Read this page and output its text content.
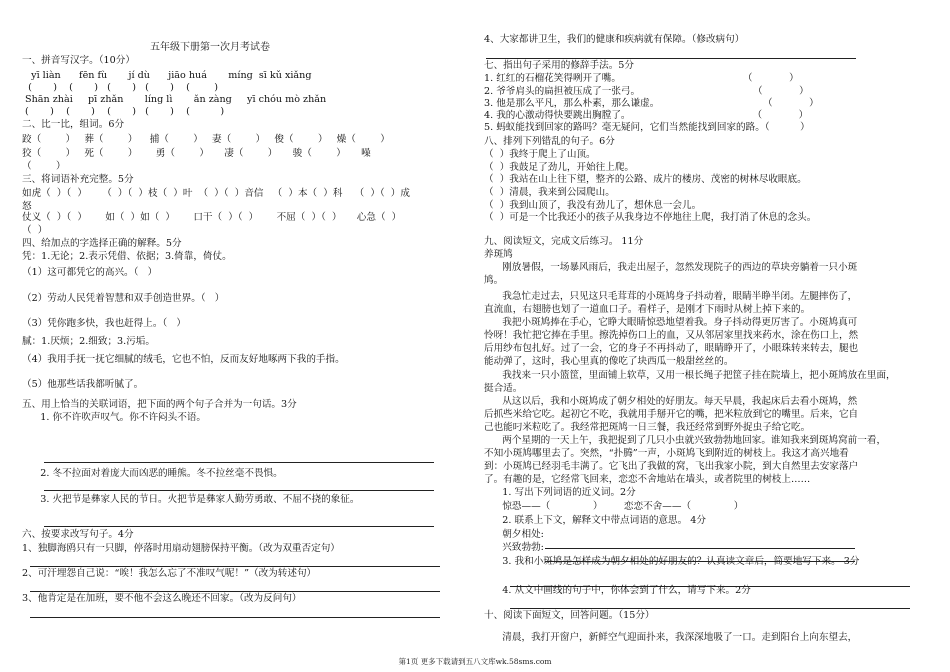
五年级下册第一次月考试卷
一、拼音写汉字。（10分）
yī liàn      fēn fù       jí dù      jiāo huá       míng  sī kǔ xiǎng
(       )    (       )   (       )   (       )    (        )
Shān zhài     pī zhǎn       líng lì       ǎn zàng     yī chóu mò zhǎn
(       )    (       )    (       )   (       )    (          )
二、比一比，组词。6分
跤（        ）   葬（        ）    捕（        ）   妻（        ）   俊（        ）   燥（        ）
狡（        ）   死（        ）      勇（        ）     凄（        ）     骏（        ）     噪
（        ）
三、将词语补充完整。5分
如虎（  ）（  ）     （  ）（  ）枝（  ）叶  （  ）（  ）音信   （  ）本（  ）科    （  ）（  ）成
怒
仗义（  ）（  ）      如（  ）如（  ）      口干（  ）（  ）      不屈（  ）（  ）     心急（  ）
（  ）
四、给加点的字选择正确的解释。5分
凭：1.无论；2.表示凭借、依据；3.倚靠，倚仗。
（1）这可都凭它的高兴。（   ）
（2）劳动人民凭着智慧和双手创造世界。（   ）
（3）凭你跑多快，我也赶得上。（   ）
腻：1.厌烦；2.细致；3.污垢。
（4）我用手抚一抚它细腻的绒毛，它也不怕，反而友好地啄两下我的手指。
（5）他那些话我都听腻了。
五、用上恰当的关联词语，把下面的两个句子合并为一句话。3分
1. 你不许吹声叹气。你不许闷头不语。
2. 冬不拉面对着庞大而凶恶的睡熊。冬不拉丝毫不畏惧。
3. 火把节是彝家人民的节日。火把节是彝家人勤劳勇敢、不屈不挠的象征。
六、按要求改写句子。4分
1、独脚海鸥只有一只脚，停落时用扇动翅膀保持平衡。（改为双重否定句）
2、可汗埋怨自己说：“唉！我怎么忘了不准叹气呢！”（改为转述句）
3、他肯定是在加班，要不他不会这么晚还不回家。（改为反问句）
4、大家都讲卫生，我们的健康和疾病就有保障。（修改病句）
七、指出句子采用的修辞手法。5分
1. 红红的石榴花笑得咧开了嘴。                                        （            ）
2. 爷爷肩头的扁担被压成了一张弓。                                     （            ）
3. 他是那么平凡，那么朴素，那么谦虚。                                  （            ）
4. 我的心激动得快要跳出胸膛了。                                        （            ）
5. 蚂蚁能找到回家的路吗？毫无疑问，它们当然能找到回家的路。（          ）
八、排列下列错乱的句子。6分
（  ）我终于爬上了山顶。
（  ）我鼓足了劲儿，开始往上爬。
（  ）我站在山上往下望，整齐的公路、成片的楼房、茂密的树林尽收眼底。
（  ）清晨，我来到公园爬山。
（  ）我到山顶了，我没有劲儿了，想休息一会儿。
（  ）可是一个比我还小的孩子从我身边不停地往上爬，我打消了休息的念头。
九、阅读短文，完成文后练习。 11分
养斑鸠
刚放暑假，一场暴风雨后，我走出屋子，忽然发现院子的西边的草块旁躺着一只小斑
鸠。
我急忙走过去，只见这只毛茸茸的小斑鸠身子抖动着，眼睛半睁半闭。左腿摔伤了，
直流血，右翅膀也划了一道血口子。看样子，是刚才下雨时从树上掉下来的。
我把小斑鸠捧在手心，它睁大眼睛惊恐地望着我。身子抖动得更厉害了。小斑鸠真可
怜呀！我忙把它捧在手里。擦洗掉伤口上的血，又从邻居家里找来药水，涂在伤口上，然
后用纱布包扎好。过了一会，它的身子不再抖动了，眼睛睁开了，小眼珠转来转去，腿也
能动弹了，这时，我心里真的像吃了块西瓜一般甜丝丝的。
我找来一只小篮筐，里面铺上软草，又用一根长绳子把筐子挂在院墙上，把小斑鸠放在里面，
挺合适。
从这以后，我和小斑鸠成了朝夕相处的好朋友。每天早晨，我起床后去看小斑鸠，然
后抓些米给它吃。起初它不吃，我就用手掰开它的嘴，把米粒放到它的嘴里。后来，它自
己也能叼米粒吃了。我经常把斑鸠一日三餐，我还经常到野外捉虫子给它吃。
两个星期的一天上午，我把捉到了几只小虫就兴致勃勃地回家。谁知我来到斑鸠窝前一看，
不知小斑鸠哪里去了。突然，“扑腾”一声，小斑鸠飞到附近的树枝上。我这才高兴地看
到：小斑鸠已经羽毛丰满了。它飞出了我做的窝，飞出我家小院，到大自然里去安家落户
了。有趣的是，它经常飞回来，恋恋不舍地站在墙头，或者院里的树枝上……
1. 写出下列词语的近义词。2分
惊恐——（              ）       恋恋不舍——（              ）
2. 联系上下文，解释文中带点词语的意思。 4分
朝夕相处:
兴致勃勃:
3. 我和小斑鸠是怎样成为朝夕相处的好朋友的？认真读文章后，简要地写下来。 3分
4. 从文中画线的句子中，你体会到了什么，请写下来。2分
十、阅读下面短文，回答问题。（15分）
清晨，我打开窗户，新鲜空气迎面扑来，我深深地吸了一口。走到阳台上向东望去，
第1页 更多下载请到五八文库wk.58sms.com
